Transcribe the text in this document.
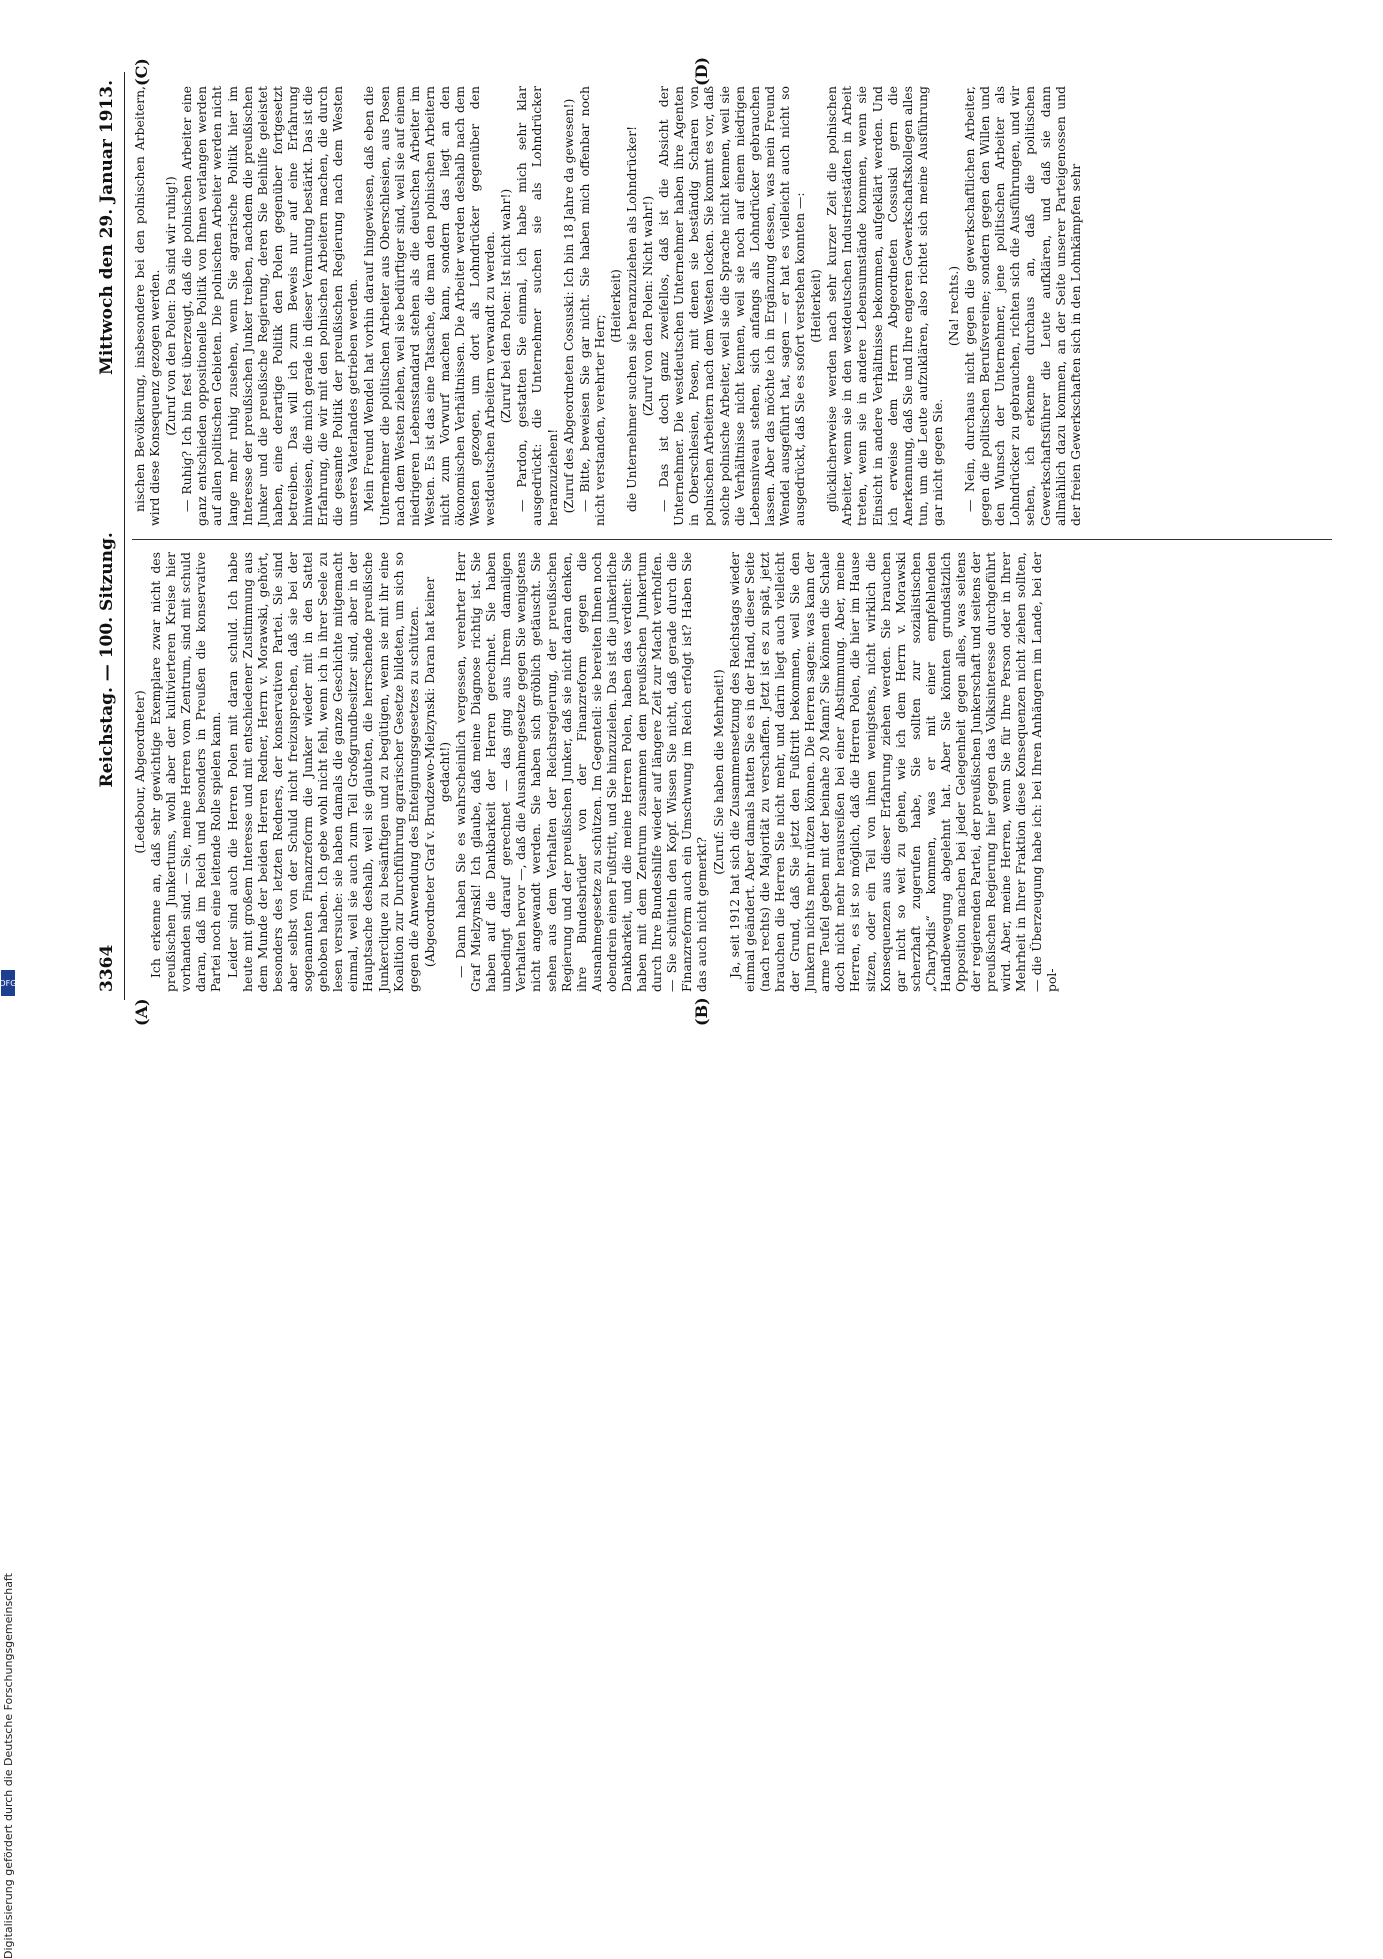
3364
Reichstag. — 100. Sitzung.
Mittwoch den 29. Januar 1913.
(A)	(B)
(C)	(D)

(Ledebour, Abgeordneter) Ich erkenne an, daß sehr gewichtige Exemplare zwar nicht des preußischen Junkertums, wohl aber der kultivierteren Kreise hier vorhanden sind. — Sie, meine Herren vom Zentrum, sind mit schuld daran, daß im Reich und besonders in Preußen die konservative Partei noch eine leitende Rolle spielen kann. Leider sind auch die Herren Polen mit daran schuld. Ich habe heute mit großem Interesse und mit entschiedener Zustimmung aus dem Munde der beiden Herren Redner, Herrn v. Morawski, gehört, besonders des letzten Redners, der konservativen Partei. Sie sind aber selbst von der Schuld nicht freizusprechen, daß sie bei der sogenannten Finanzreform die Junker wieder mit in den Sattel gehoben haben. Ich gebe wohl nicht fehl, wenn ich in ihrer Seele zu lesen versuche: sie haben damals die ganze Geschichte mitgemacht einmal, weil sie auch zum Teil Großgrundbesitzer sind, aber in der Hauptsache deshalb, weil sie glaubten, die herrschende preußische Junkerclique zu besänftigen und zu begütigen, wenn sie mit ihr eine Koalition zur Durchführung agrarischer Gesetze bildeten, um sich so gegen die Anwendung des Enteignungsgesetzes zu schützen. (Abgeordneter Graf v. Brudzewo-Mielzynski: Daran hat keiner gedacht!) — Dann haben Sie es wahrscheinlich vergessen, verehrter Herr Graf Mielzynski! Ich glaube, daß meine Diagnose richtig ist. Sie haben auf die Dankbarkeit der Herren gerechnet. Sie haben unbedingt darauf gerechnet — das ging aus Ihrem damaligen Verhalten hervor —, daß die Ausnahmegesetze gegen Sie wenigstens nicht angewandt werden. Sie haben sich gröblich getäuscht. Sie sehen aus dem Verhalten der Reichsregierung, der preußischen Regierung und der preußischen Junker, daß sie nicht daran denken, ihre Bundesbrüder von der Finanzreform gegen die Ausnahmegesetze zu schützen. Im Gegenteil: sie bereiten Ihnen noch obendrein einen Fußtritt, und Sie hinzuzielen. Das ist die junkerliche Dankbarkeit, und die meine Herren Polen, haben das verdient: Sie haben mit dem Zentrum zusammen dem preußischen Junkertum durch Ihre Bundeshilfe wieder auf längere Zeit zur Macht verholfen. — Sie schütteln den Kopf. Wissen Sie nicht, daß gerade durch die Finanzreform auch ein Umschwung im Reich erfolgt ist? Haben Sie das auch nicht gemerkt?

(Zuruf: Sie haben die Mehrheit!) Ja, seit 1912 hat sich die Zusammensetzung des Reichstags wieder einmal geändert. Aber damals hatten Sie es in der Hand, dieser Seite (nach rechts) die Majorität zu verschaffen. Jetzt ist es zu spät, jetzt brauchen die Herren Sie nicht mehr, und darin liegt auch vielleicht der Grund, daß Sie jetzt den Fußtritt bekommen, weil Sie den Junkern nichts mehr nützen können. Die Herren sagen: was kann der arme Teufel geben mit der beinahe 20 Mann? Sie können die Schale doch nicht mehr herausreißen bei einer Abstimmung. Aber, meine Herren, es ist so möglich, daß die Herren Polen, die hier im Hause sitzen, oder ein Teil von ihnen wenigstens, nicht wirklich die Konsequenzen aus dieser Erfahrung ziehen werden. Sie brauchen gar nicht so weit zu gehen, wie ich dem Herrn v. Morawski scherzhaft zugerufen habe, Sie sollten zur sozialistischen „Charybdis“ kommen, was er mit einer empfehlenden Handbewegung abgelehnt hat. Aber Sie könnten grundsätzlich Opposition machen bei jeder Gelegenheit gegen alles, was seitens der regierenden Partei, der preußischen Junkerschaft und seitens der preußischen Regierung hier gegen das Volksinteresse durchgeführt wird. Aber, meine Herren, wenn Sie für Ihre Person oder in Ihrer Mehrheit in Ihrer Fraktion diese Konsequenzen nicht ziehen sollten, — die Überzeugung habe ich: bei Ihren Anhängern im Lande, bei der pol-

nischen Bevölkerung, insbesondere bei den polnischen Arbeitern, wird diese Konsequenz gezogen werden. (Zuruf von den Polen: Da sind wir ruhig!) — Ruhig? Ich bin fest überzeugt, daß die polnischen Arbeiter eine ganz entschieden oppositionelle Politik von Ihnen verlangen werden auf allen politischen Gebieten. Die polnischen Arbeiter werden nicht lange mehr ruhig zusehen, wenn Sie agrarische Politik hier im Interesse der preußischen Junker treiben, nachdem die preußischen Junker und die preußische Regierung, deren Sie Beihilfe geleistet haben, eine derartige Politik den Polen gegenüber fortgesetzt betreiben. Das will ich zum Beweis nur auf eine Erfahrung hinweisen, die mich gerade in dieser Vermutung bestärkt. Das ist die Erfahrung, die wir mit den polnischen Arbeitern machen, die durch die gesamte Politik der preußischen Regierung nach dem Westen unseres Vaterlandes getrieben werden. Mein Freund Wendel hat vorhin darauf hingewiesen, daß eben die Unternehmer die politischen Arbeiter aus Oberschlesien, aus Posen nach dem Westen ziehen, weil sie bedürftiger sind, weil sie auf einem niedrigeren Lebensstandard stehen als die deutschen Arbeiter im Westen. Es ist das eine Tatsache, die man den polnischen Arbeitern nicht zum Vorwurf machen kann, sondern das liegt an den ökonomischen Verhältnissen. Die Arbeiter werden deshalb nach dem Westen gezogen, um dort als Lohndrücker gegenüber den westdeutschen Arbeitern verwandt zu werden. (Zuruf bei den Polen: Ist nicht wahr!) — Pardon, gestatten Sie einmal, ich habe mich sehr klar ausgedrückt: die Unternehmer suchen sie als Lohndrücker heranzuziehen! (Zuruf des Abgeordneten Cossuski: Ich bin 18 Jahre da gewesen!) — Bitte, beweisen Sie gar nicht. Sie haben mich offenbar noch nicht verstanden, verehrter Herr;

(Heiterkeit) die Unternehmer suchen sie heranzuziehen als Lohndrücker! (Zuruf von den Polen: Nicht wahr!) — Das ist doch ganz zweifellos, daß ist die Absicht der Unternehmer. Die westdeutschen Unternehmer haben ihre Agenten in Oberschlesien, Posen, mit denen sie beständig Scharen von polnischen Arbeitern nach dem Westen locken. Sie kommt es vor, daß solche polnische Arbeiter, weil sie die Sprache nicht kennen, weil sie die Verhältnisse nicht kennen, weil sie noch auf einem niedrigen Lebensniveau stehen, sich anfangs als Lohndrücker gebrauchen lassen. Aber das möchte ich in Ergänzung dessen, was mein Freund Wendel ausgeführt hat, sagen — er hat es vielleicht auch nicht so ausgedrückt, daß Sie es sofort verstehen konnten —: (Heiterkeit) glücklicherweise werden nach sehr kurzer Zeit die polnischen Arbeiter, wenn sie in den westdeutschen Industriestädten in Arbeit treten, wenn sie in andere Lebensumstände kommen, wenn sie Einsicht in andere Verhältnisse bekommen, aufgeklärt werden. Und ich erweise dem Herrn Abgeordneten Cossuski gern die Anerkennung, daß Sie und Ihre engeren Gewerkschaftskollegen alles tun, um die Leute aufzuklären, also richtet sich meine Ausführung gar nicht gegen Sie.

(Na! rechts.) — Nein, durchaus nicht gegen die gewerkschaftlichen Arbeiter, gegen die politischen Berufsvereine; sondern gegen den Willen und den Wunsch der Unternehmer, jene politischen Arbeiter als Lohndrücker zu gebrauchen, richten sich die Ausführungen, und wir sehen, ich erkenne durchaus an, daß die politischen Gewerkschaftsführer die Leute aufklären, und daß sie dann allmählich dazu kommen, an der Seite unserer Parteigenossen und der freien Gewerkschaften sich in den Lohnkämpfen sehr

Digitalisierung gefördert durch die Deutsche Forschungsgemeinschaft
DFG
